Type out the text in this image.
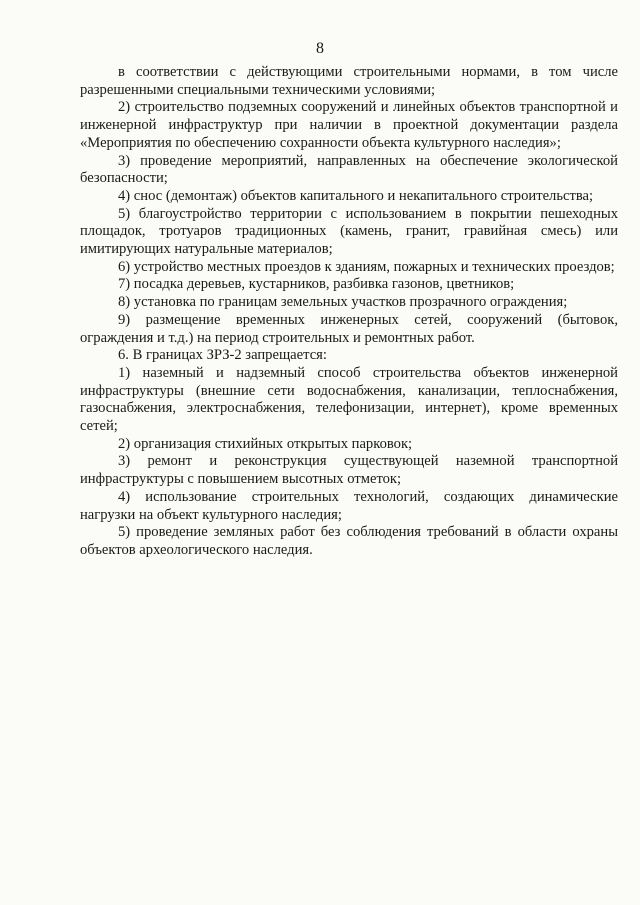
8

в соответствии с действующими строительными нормами, в том числе разрешенными специальными техническими условиями;

2) строительство подземных сооружений и линейных объектов транспортной и инженерной инфраструктур при наличии в проектной документации раздела «Мероприятия по обеспечению сохранности объекта культурного наследия»;

3) проведение мероприятий, направленных на обеспечение экологической безопасности;

4) снос (демонтаж) объектов капитального и некапитального строительства;

5) благоустройство территории с использованием в покрытии пешеходных площадок, тротуаров традиционных (камень, гранит, гравийная смесь) или имитирующих натуральные материалов;

6) устройство местных проездов к зданиям, пожарных и технических проездов;

7) посадка деревьев, кустарников, разбивка газонов, цветников;

8) установка по границам земельных участков прозрачного ограждения;

9) размещение временных инженерных сетей, сооружений (бытовок, ограждения и т.д.) на период строительных и ремонтных работ.

6. В границах ЗРЗ-2 запрещается:

1) наземный и надземный способ строительства объектов инженерной инфраструктуры (внешние сети водоснабжения, канализации, теплоснабжения, газоснабжения, электроснабжения, телефонизации, интернет), кроме временных сетей;

2) организация стихийных открытых парковок;

3) ремонт и реконструкция существующей наземной транспортной инфраструктуры с повышением высотных отметок;

4) использование строительных технологий, создающих динамические нагрузки на объект культурного наследия;

5) проведение земляных работ без соблюдения требований в области охраны объектов археологического наследия.
